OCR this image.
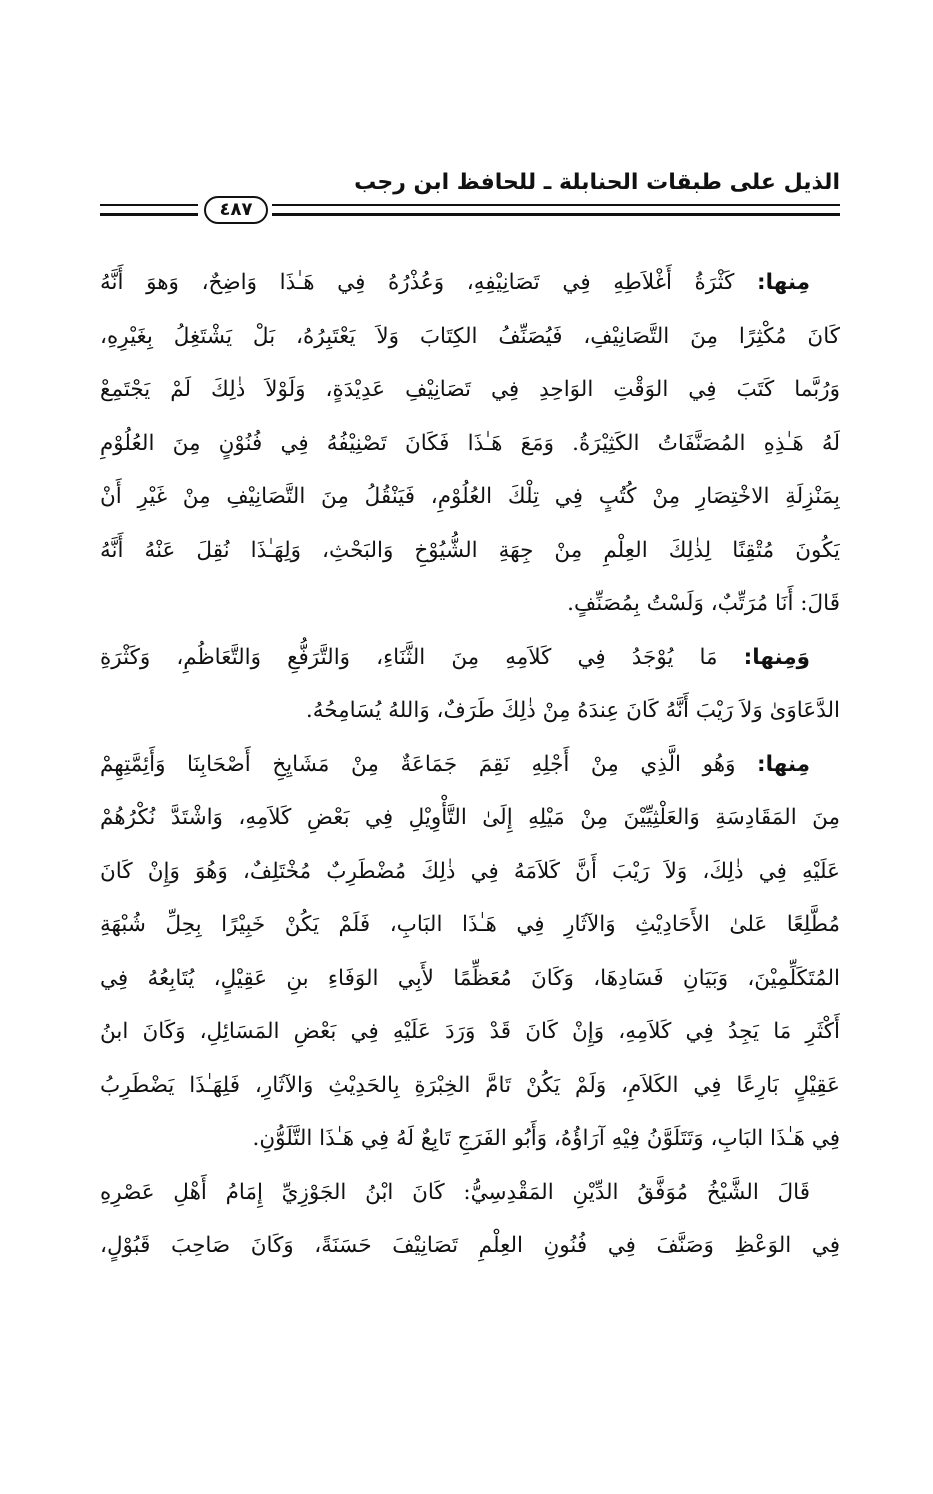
الذيل على طبقات الحنابلة ـ للحافظ ابن رجب
٤٨٧
مِنها: كَثْرَةُ أَغْلاَطِهِ فِي تَصَانِيْفِهِ، وَعُذْرُهُ فِي هَـٰذَا وَاضِحٌ، وَهوَ أَنَّهُ
كَانَ مُكْثِرًا مِنَ التَّصَانِيْفِ، فَيُصَنِّفُ الكِتَابَ وَلاَ يَعْتَبِرُهُ، بَلْ يَشْتَغِلُ بِغَيْرِهِ،
وَرُبَّما كَتَبَ فِي الوَقْتِ الوَاحِدِ فِي تَصَانِيْفِ عَدِيْدَةٍ، وَلَوْلاَ ذٰلِكَ لَمْ يَجْتَمِعْ
لَهُ هَـٰذِهِ المُصَنَّفَاتُ الكَثِيْرَةُ. وَمَعَ هَـٰذَا فَكَانَ تَصْنِيْفُهُ فِي فُنُوْنٍ مِنَ العُلُوْمِ
بِمَنْزِلَةِ الاخْتِصَارِ مِنْ كُتُبٍ فِي تِلْكَ العُلُوْمِ، فَيَنْقُلُ مِنَ التَّصَانِيْفِ مِنْ غَيْرِ أَنْ
يَكُونَ مُتْقِنًا لِذٰلِكَ العِلْمِ مِنْ جِهَةِ الشُّيُوْخِ وَالبَحْثِ، وَلِهَـٰذَا نُقِلَ عَنْهُ أَنَّهُ
قَالَ: أَنَا مُرَتِّبٌ، وَلَسْتُ بِمُصَنِّفٍ.
وَمِنها: مَا يُوْجَدُ فِي كَلاَمِهِ مِنَ الثَّنَاءِ، وَالتَّرَفُّعِ وَالتَّعَاظُمِ، وَكَثْرَةِ
الدَّعَاوَىٰ وَلاَ رَيْبَ أَنَّهُ كَانَ عِندَهُ مِنْ ذٰلِكَ طَرَفٌ، وَاللهُ يُسَامِحُهُ.
مِنها: وَهُو الَّذِي مِنْ أَجْلِهِ نَقِمَ جَمَاعَةٌ مِنْ مَشَايِخِ أَصْحَابِنَا وَأَئِمَّتِهِمْ
مِنَ المَقَادِسَةِ وَالعَلْثِيِّيْنَ مِنْ مَيْلِهِ إِلَىٰ التَّأْوِيْلِ فِي بَعْضِ كَلاَمِهِ، وَاشْتَدَّ نُكْرُهُمْ
عَلَيْهِ فِي ذٰلِكَ، وَلاَ رَيْبَ أَنَّ كَلاَمَهُ فِي ذٰلِكَ مُضْطَرِبٌ مُخْتَلِفٌ، وَهُوَ وَإِنْ كَانَ
مُطَّلِعًا عَلىٰ الأَحَادِيْثِ وَالآثَارِ فِي هَـٰذَا البَابِ، فَلَمْ يَكُنْ خَبِيْرًا بِحِلِّ شُبْهَةِ
المُتَكَلِّمِيْنَ، وَبَيَانِ فَسَادِهَا، وَكَانَ مُعَظِّمًا لأَبِي الوَفَاءِ بنِ عَقِيْلٍ، يُتَابِعُهُ فِي
أَكْثَرِ مَا يَجِدُ فِي كَلاَمِهِ، وَإِنْ كَانَ قَدْ وَرَدَ عَلَيْهِ فِي بَعْضِ المَسَائِلِ، وَكَانَ ابنُ
عَقِيْلٍ بَارِعًا فِي الكَلاَمِ، وَلَمْ يَكُنْ تَامَّ الخِبْرَةِ بِالحَدِيْثِ وَالآثَارِ، فَلِهَـٰذَا يَضْطَرِبُ
فِي هَـٰذَا البَابِ، وَتَتَلَوَّنُ فِيْهِ آرَاؤُهُ، وَأَبُو الفَرَجِ تَابِعٌ لَهُ فِي هَـٰذَا التَّلَوُّنِ.
قَالَ الشَّيْخُ مُوَفَّقُ الدِّيْنِ المَقْدِسِيُّ: كَانَ ابْنُ الجَوْزِيِّ إِمَامُ أَهْلِ عَصْرِهِ
فِي الوَعْظِ وَصَنَّفَ فِي فُنُونِ العِلْمِ تَصَانِيْفَ حَسَنَةً، وَكَانَ صَاحِبَ قَبُوْلٍ،
